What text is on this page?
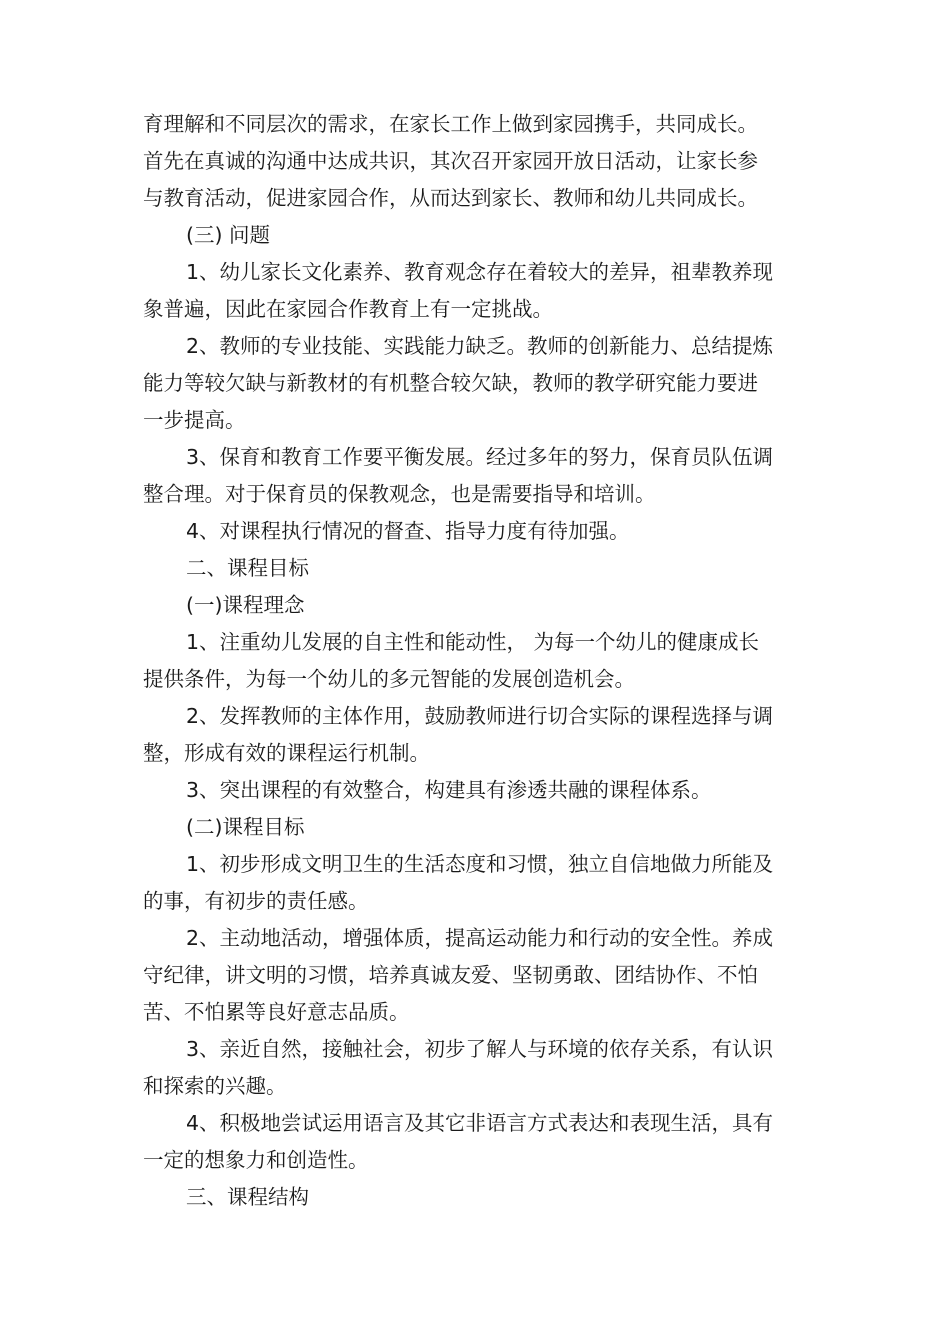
育理解和不同层次的需求，在家长工作上做到家园携手，共同成长。
首先在真诚的沟通中达成共识，其次召开家园开放日活动，让家长参
与教育活动，促进家园合作，从而达到家长、教师和幼儿共同成长。
(三) 问题
1、幼儿家长文化素养、教育观念存在着较大的差异，祖辈教养现
象普遍，因此在家园合作教育上有一定挑战。
2、教师的专业技能、实践能力缺乏。教师的创新能力、总结提炼
能力等较欠缺与新教材的有机整合较欠缺，教师的教学研究能力要进
一步提高。
3、保育和教育工作要平衡发展。经过多年的努力，保育员队伍调
整合理。对于保育员的保教观念，也是需要指导和培训。
4、对课程执行情况的督查、指导力度有待加强。
二、课程目标
(一)课程理念
1、注重幼儿发展的自主性和能动性， 为每一个幼儿的健康成长
提供条件，为每一个幼儿的多元智能的发展创造机会。
2、发挥教师的主体作用，鼓励教师进行切合实际的课程选择与调
整，形成有效的课程运行机制。
3、突出课程的有效整合，构建具有渗透共融的课程体系。
(二)课程目标
1、初步形成文明卫生的生活态度和习惯，独立自信地做力所能及
的事，有初步的责任感。
2、主动地活动，增强体质，提高运动能力和行动的安全性。养成
守纪律，讲文明的习惯，培养真诚友爱、坚韧勇敢、团结协作、不怕
苦、不怕累等良好意志品质。
3、亲近自然，接触社会，初步了解人与环境的依存关系，有认识
和探索的兴趣。
4、积极地尝试运用语言及其它非语言方式表达和表现生活，具有
一定的想象力和创造性。
三、课程结构
